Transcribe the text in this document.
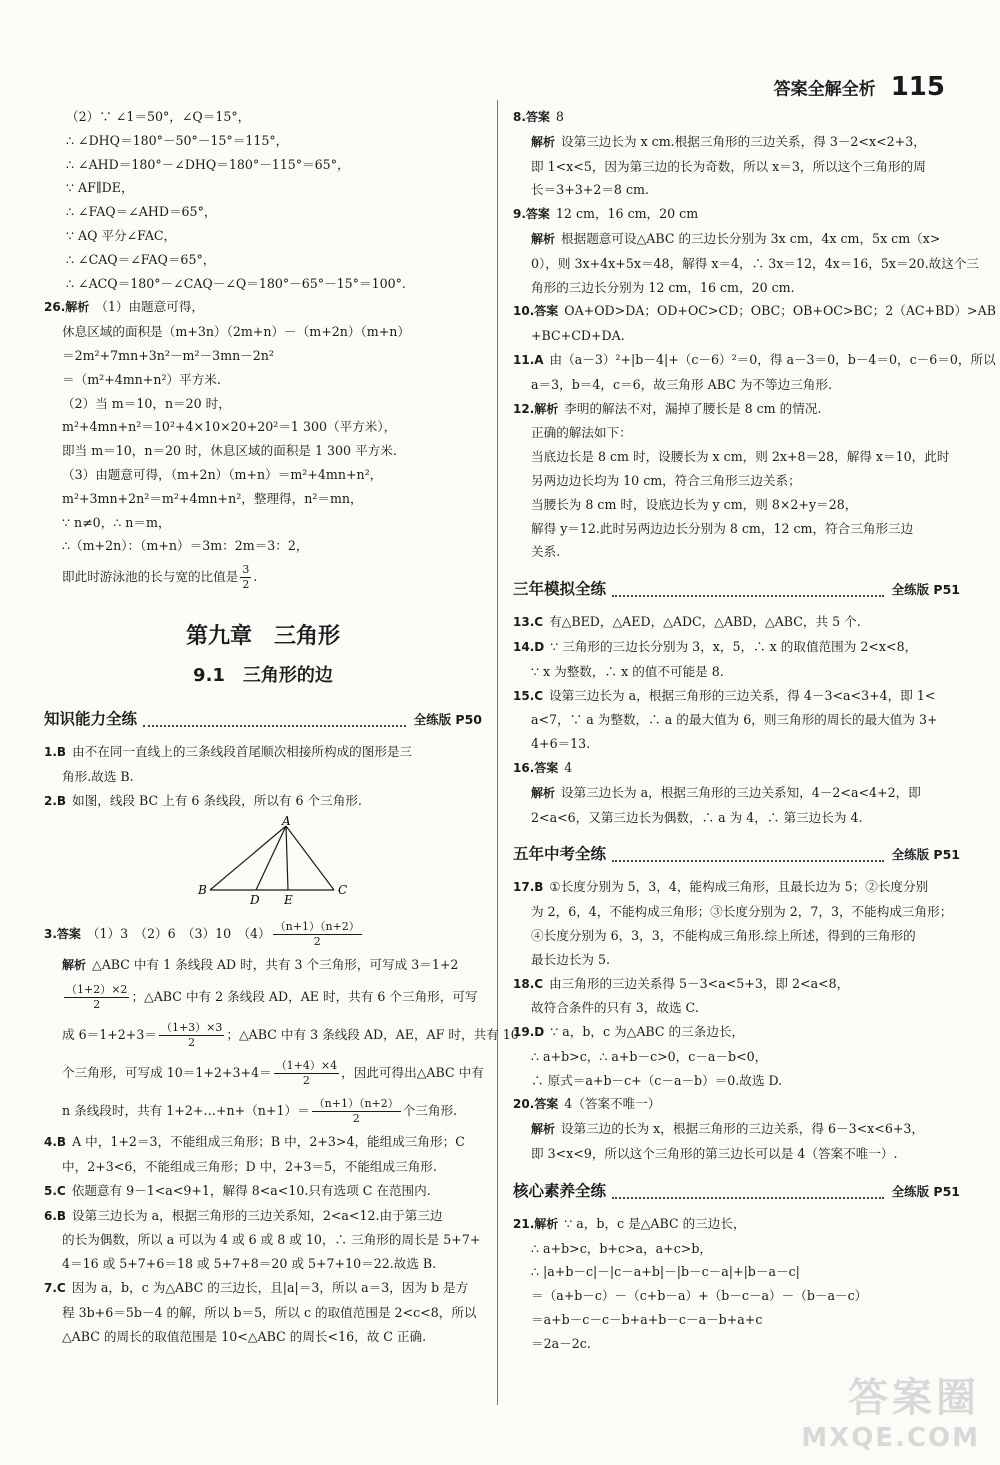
答案全解全析 115
（2）∵ ∠1＝50°，∠Q＝15°，
∴ ∠DHQ＝180°－50°－15°＝115°，
∴ ∠AHD＝180°－∠DHQ＝180°－115°＝65°，
∵ AF∥DE，
∴ ∠FAQ＝∠AHD＝65°，
∵ AQ 平分∠FAC，
∴ ∠CAQ＝∠FAQ＝65°，
∴ ∠ACQ＝180°－∠CAQ－∠Q＝180°－65°－15°＝100°.
26.解析 （1）由题意可得，
休息区域的面积是（m+3n）（2m+n）－（m+2n）（m+n）
＝2m²+7mn+3n²－m²－3mn－2n²
＝（m²+4mn+n²）平方米.
（2）当 m＝10，n＝20 时，
m²+4mn+n²＝10²+4×10×20+20²＝1 300（平方米），
即当 m＝10，n＝20 时，休息区域的面积是 1 300 平方米.
（3）由题意可得，（m+2n）（m+n）＝m²+4mn+n²，
m²+3mn+2n²＝m²+4mn+n²，整理得，n²＝mn，
∵ n≠0，∴ n＝m，
∴（m+2n）：（m+n）＝3m：2m＝3：2，
即此时游泳池的长与宽的比值是 $\frac{3}{2}$ .
第九章　三角形
9.1　三角形的边
知识能力全练	全练版 P50
1.B 由不在同一直线上的三条线段首尾顺次相接所构成的图形是三
角形.故选 B.
2.B 如图，线段 BC 上有 6 条线段，所以有 6 个三角形.
A
B
D E
C
3.答案 （1）3　（2）6　（3）10　$(4) \frac{(n+1)(n+2)}{2}$
解析 △ABC 中有 1 条线段 AD 时，共有 3 个三角形，可写成 3＝1+2
$\frac{(1+2)\times 2}{2}$ ；△ABC 中有 2 条线段 AD，AE 时，共有 6 个三角形，可写
成 $6=1+2+3= \frac{(1+3)\times 3}{2}$ ；△ABC 中有 3 条线段 AD，AE，AF 时，共有 10
个三角形，可写成 $10=1+2+3+4= \frac{(1+4)\times 4}{2}$ ，因此可得出△ABC 中有
n 条线段时，共有 1+2+…+n+（n+1）＝ $\frac{(n+1)(n+2)}{2}$ 个三角形.
4.B A 中，1+2＝3，不能组成三角形；B 中，2+3>4，能组成三角形；C
中，2+3<6，不能组成三角形；D 中，2+3＝5，不能组成三角形.
5.C 依题意有 9－1<a<9+1，解得 8<a<10.只有选项 C 在范围内.
6.B 设第三边长为 a，根据三角形的三边关系知，2<a<12.由于第三边
的长为偶数，所以 a 可以为 4 或 6 或 8 或 10，∴ 三角形的周长是 5+7+
4＝16 或 5+7+6＝18 或 5+7+8＝20 或 5+7+10＝22.故选 B.
7.C 因为 a，b，c 为△ABC 的三边长，且|a|＝3，所以 a＝3，因为 b 是方
程 3b+6＝5b－4 的解，所以 b＝5，所以 c 的取值范围是 2<c<8，所以
△ABC 的周长的取值范围是 10<△ABC 的周长<16，故 C 正确.
8.答案 8
解析 设第三边长为 x cm.根据三角形的三边关系，得 3－2<x<2+3，
即 1<x<5，因为第三边的长为奇数，所以 x＝3，所以这个三角形的周
长＝3+3+2＝8 cm.
9.答案 12 cm，16 cm，20 cm
解析 根据题意可设△ABC 的三边长分别为 3x cm，4x cm，5x cm（x>
0），则 3x+4x+5x＝48，解得 x＝4，∴ 3x＝12，4x＝16，5x＝20.故这个三
角形的三边长分别为 12 cm，16 cm，20 cm.
10.答案 OA+OD>DA；OD+OC>CD；OBC；OB+OC>BC；2（AC+BD）>AB
+BC+CD+DA.
11.A 由（a－3）²+|b－4|+（c－6）²＝0，得 a－3＝0，b－4＝0，c－6＝0，所以
a＝3，b＝4，c＝6，故三角形 ABC 为不等边三角形.
12.解析 李明的解法不对，漏掉了腰长是 8 cm 的情况.
正确的解法如下：
当底边长是 8 cm 时，设腰长为 x cm，则 2x+8＝28，解得 x＝10，此时
另两边边长均为 10 cm，符合三角形三边关系；
当腰长为 8 cm 时，设底边长为 y cm，则 8×2+y＝28，
解得 y＝12.此时另两边边长分别为 8 cm，12 cm，符合三角形三边
关系.
三年模拟全练	全练版 P51
13.C 有△BED，△AED，△ADC，△ABD，△ABC，共 5 个.
14.D ∵ 三角形的三边长分别为 3，x，5，∴ x 的取值范围为 2<x<8，
∵ x 为整数，∴ x 的值不可能是 8.
15.C 设第三边长为 a，根据三角形的三边关系，得 4－3<a<3+4，即 1<
a<7，∵ a 为整数，∴ a 的最大值为 6，则三角形的周长的最大值为 3+
4+6＝13.
16.答案 4
解析 设第三边长为 a，根据三角形的三边关系知，4－2<a<4+2，即
2<a<6，又第三边长为偶数，∴ a 为 4，∴ 第三边长为 4.
五年中考全练	全练版 P51
17.B ①长度分别为 5，3，4，能构成三角形，且最长边为 5；②长度分别
为 2，6，4，不能构成三角形；③长度分别为 2，7，3，不能构成三角形；
④长度分别为 6，3，3，不能构成三角形.综上所述，得到的三角形的
最长边长为 5.
18.C 由三角形的三边关系得 5－3<a<5+3，即 2<a<8，
故符合条件的只有 3，故选 C.
19.D ∵ a，b，c 为△ABC 的三条边长，
∴ a+b>c，∴ a+b－c>0，c－a－b<0，
∴ 原式＝a+b－c+（c－a－b）＝0.故选 D.
20.答案 4（答案不唯一）
解析 设第三边的长为 x，根据三角形的三边关系，得 6－3<x<6+3，
即 3<x<9，所以这个三角形的第三边长可以是 4（答案不唯一）.
核心素养全练	全练版 P51
21.解析 ∵ a，b，c 是△ABC 的三边长，
∴ a+b>c，b+c>a，a+c>b，
∴ |a+b－c|－|c－a+b|－|b－c－a|+|b－a－c|
＝（a+b－c）－（c+b－a）+（b－c－a）－（b－a－c）
＝a+b－c－c－b+a+b－c－a－b+a+c
＝2a－2c.
答案圈
MXQE.COM
